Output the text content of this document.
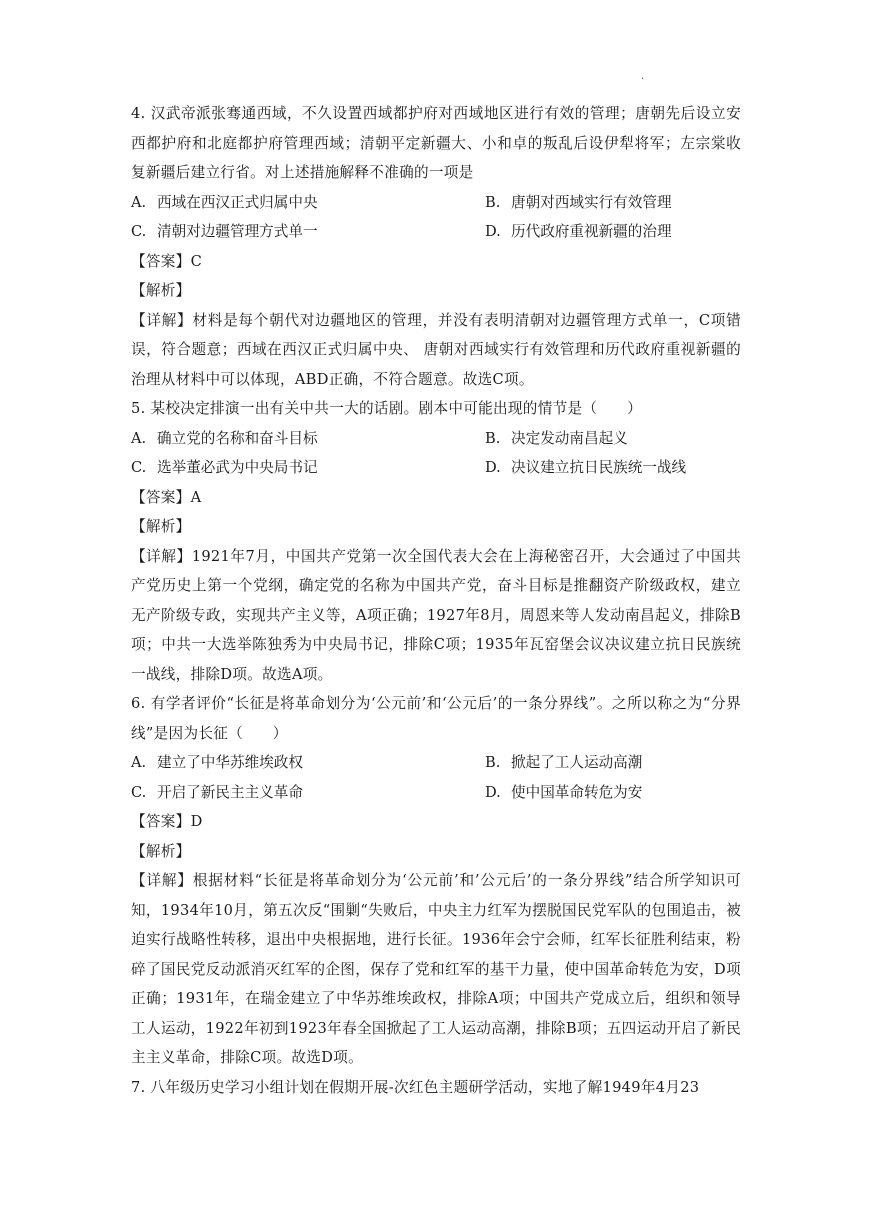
·

4. 汉武帝派张骞通西域，不久设置西域都护府对西域地区进行有效的管理；唐朝先后设立安西都护府和北庭都护府管理西域；清朝平定新疆大、小和卓的叛乱后设伊犁将军；左宗棠收复新疆后建立行省。对上述措施解释不准确的一项是

A. 西域在西汉正式归属中央	B. 唐朝对西域实行有效管理
C. 清朝对边疆管理方式单一	D. 历代政府重视新疆的治理

【答案】C

【解析】

【详解】材料是每个朝代对边疆地区的管理，并没有表明清朝对边疆管理方式单一，C项错误，符合题意；西域在西汉正式归属中央、 唐朝对西域实行有效管理和历代政府重视新疆的治理从材料中可以体现，ABD正确，不符合题意。故选C项。

5. 某校决定排演一出有关中共一大的话剧。剧本中可能出现的情节是（　　）

A. 确立党的名称和奋斗目标	B. 决定发动南昌起义
C. 选举董必武为中央局书记	D. 决议建立抗日民族统一战线

【答案】A

【解析】

【详解】1921年7月，中国共产党第一次全国代表大会在上海秘密召开，大会通过了中国共产党历史上第一个党纲，确定党的名称为中国共产党，奋斗目标是推翻资产阶级政权，建立无产阶级专政，实现共产主义等，A项正确；1927年8月，周恩来等人发动南昌起义，排除B项；中共一大选举陈独秀为中央局书记，排除C项；1935年瓦窑堡会议决议建立抗日民族统一战线，排除D项。故选A项。

6. 有学者评价“长征是将革命划分为‘公元前’和‘公元后’的一条分界线”。之所以称之为“分界线”是因为长征（　　）

A. 建立了中华苏维埃政权	B. 掀起了工人运动高潮
C. 开启了新民主主义革命	D. 使中国革命转危为安

【答案】D

【解析】

【详解】根据材料“长征是将革命划分为‘公元前’和’公元后’的一条分界线”结合所学知识可知，1934年10月，第五次反“围剿“失败后，中央主力红军为摆脱国民党军队的包围追击，被迫实行战略性转移，退出中央根据地，进行长征。1936年会宁会师，红军长征胜利结束，粉碎了国民党反动派消灭红军的企图，保存了党和红军的基干力量，使中国革命转危为安，D项正确；1931年，在瑞金建立了中华苏维埃政权，排除A项；中国共产党成立后，组织和领导工人运动，1922年初到1923年春全国掀起了工人运动高潮，排除B项；五四运动开启了新民主主义革命，排除C项。故选D项。

7. 八年级历史学习小组计划在假期开展-次红色主题研学活动，实地了解1949年4月23
